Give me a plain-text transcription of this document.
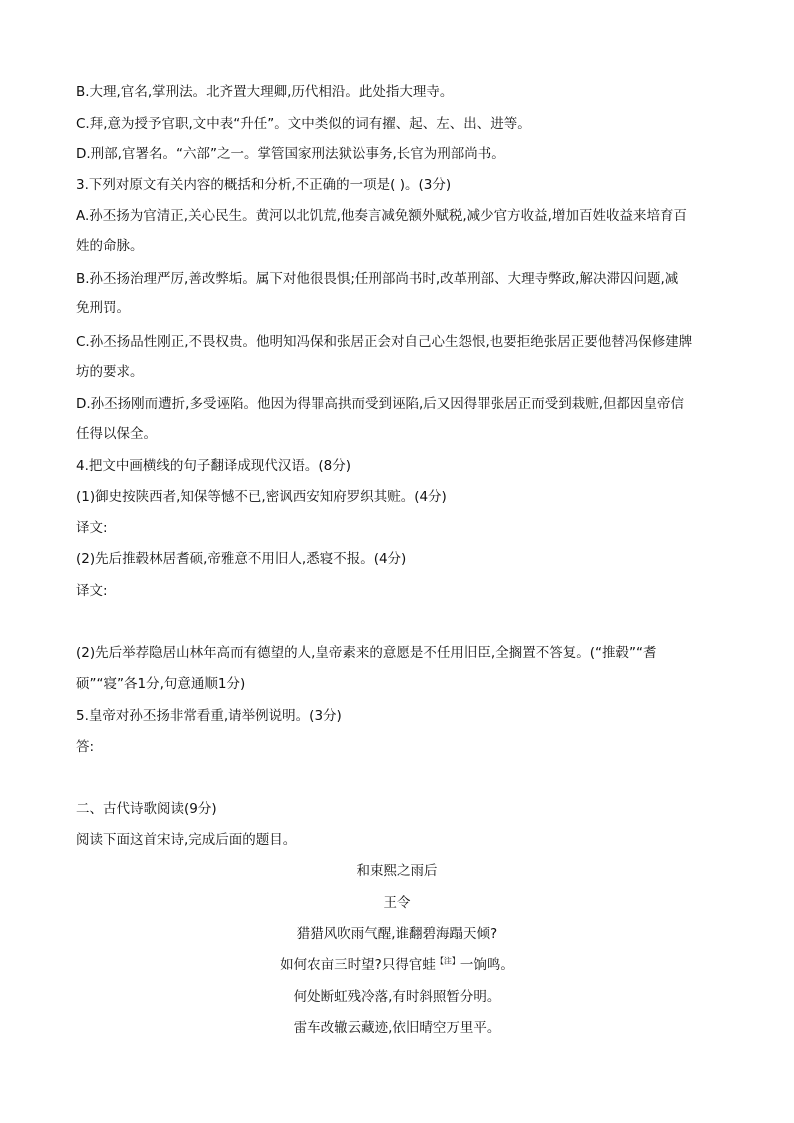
B.大理,官名,掌刑法。北齐置大理卿,历代相沿。此处指大理寺。
C.拜,意为授予官职,文中表“升任”。文中类似的词有擢、起、左、出、进等。
D.刑部,官署名。“六部”之一。掌管国家刑法狱讼事务,长官为刑部尚书。
3.下列对原文有关内容的概括和分析,不正确的一项是( )。(3分)
A.孙丕扬为官清正,关心民生。黄河以北饥荒,他奏言减免额外赋税,减少官方收益,增加百姓收益来培育百
姓的命脉。
B.孙丕扬治理严厉,善改弊垢。属下对他很畏惧;任刑部尚书时,改革刑部、大理寺弊政,解决滞囚问题,减
免刑罚。
C.孙丕扬品性刚正,不畏权贵。他明知冯保和张居正会对自己心生怨恨,也要拒绝张居正要他替冯保修建牌
坊的要求。
D.孙丕扬刚而遭折,多受诬陷。他因为得罪高拱而受到诬陷,后又因得罪张居正而受到栽赃,但都因皇帝信
任得以保全。
4.把文中画横线的句子翻译成现代汉语。(8分)
(1)御史按陕西者,知保等憾不已,密讽西安知府罗织其赃。(4分)
译文:
(2)先后推毂林居耆硕,帝雅意不用旧人,悉寝不报。(4分)
译文:
(2)先后举荐隐居山林年高而有德望的人,皇帝素来的意愿是不任用旧臣,全搁置不答复。(“推毂”“耆
硕”“寝”各1分,句意通顺1分)
5.皇帝对孙丕扬非常看重,请举例说明。(3分)
答:
二、古代诗歌阅读(9分)
阅读下面这首宋诗,完成后面的题目。
和束熙之雨后
王令
猎猎风吹雨气醒,谁翻碧海蹋天倾?
如何农亩三时望?只得官蛙$^{【注】}$一饷鸣。
何处断虹残冷落,有时斜照暂分明。
雷车改辙云藏迹,依旧晴空万里平。
